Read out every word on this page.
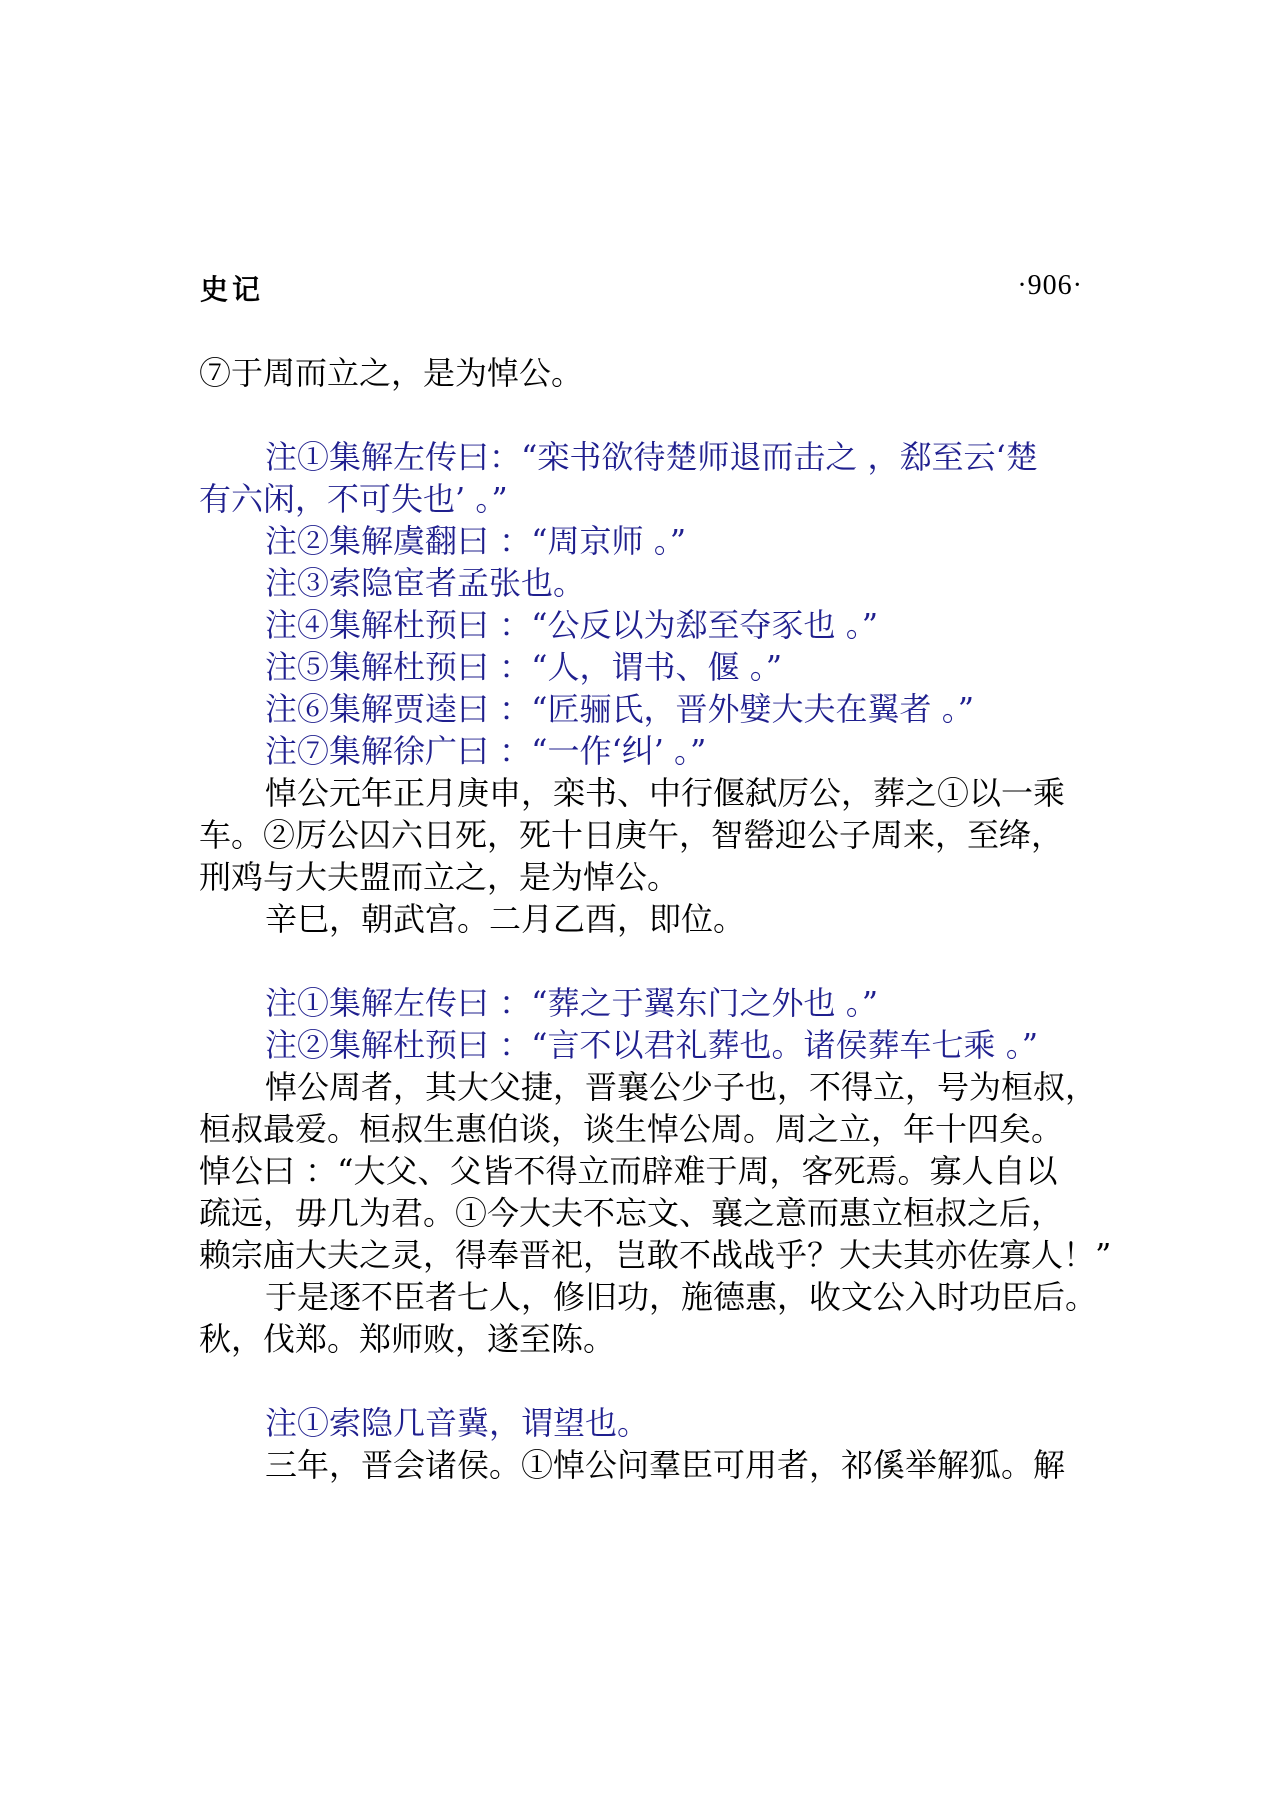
史记	·906·
⑦于周而立之，是为悼公。
注①集解左传曰：“栾书欲待楚师退而击之 ，郄至云‘楚
有六闲，不可失也’ 。”
注②集解虞翻曰 ：“周京师 。”
注③索隐宦者孟张也。
注④集解杜预曰 ：“公反以为郄至夺豕也 。”
注⑤集解杜预曰 ：“人，谓书、偃 。”
注⑥集解贾逵曰 ：“匠骊氏，晋外嬖大夫在翼者 。”
注⑦集解徐广曰 ：“一作‘纠’ 。”
悼公元年正月庚申，栾书、中行偃弑厉公，葬之①以一乘
车。②厉公囚六日死，死十日庚午，智罃迎公子周来，至绛，
刑鸡与大夫盟而立之，是为悼公。
辛巳，朝武宫。二月乙酉，即位。
注①集解左传曰 ：“葬之于翼东门之外也 。”
注②集解杜预曰 ：“言不以君礼葬也。诸侯葬车七乘 。”
悼公周者，其大父捷，晋襄公少子也，不得立，号为桓叔，
桓叔最爱。桓叔生惠伯谈，谈生悼公周。周之立，年十四矣。
悼公曰 ：“大父、父皆不得立而辟难于周，客死焉。寡人自以
疏远，毋几为君。①今大夫不忘文、襄之意而惠立桓叔之后，
赖宗庙大夫之灵，得奉晋祀，岂敢不战战乎？大夫其亦佐寡人！”
于是逐不臣者七人，修旧功，施德惠，收文公入时功臣后。
秋，伐郑。郑师败，遂至陈。
注①索隐几音冀，谓望也。
三年，晋会诸侯。①悼公问羣臣可用者，祁傒举解狐。解
